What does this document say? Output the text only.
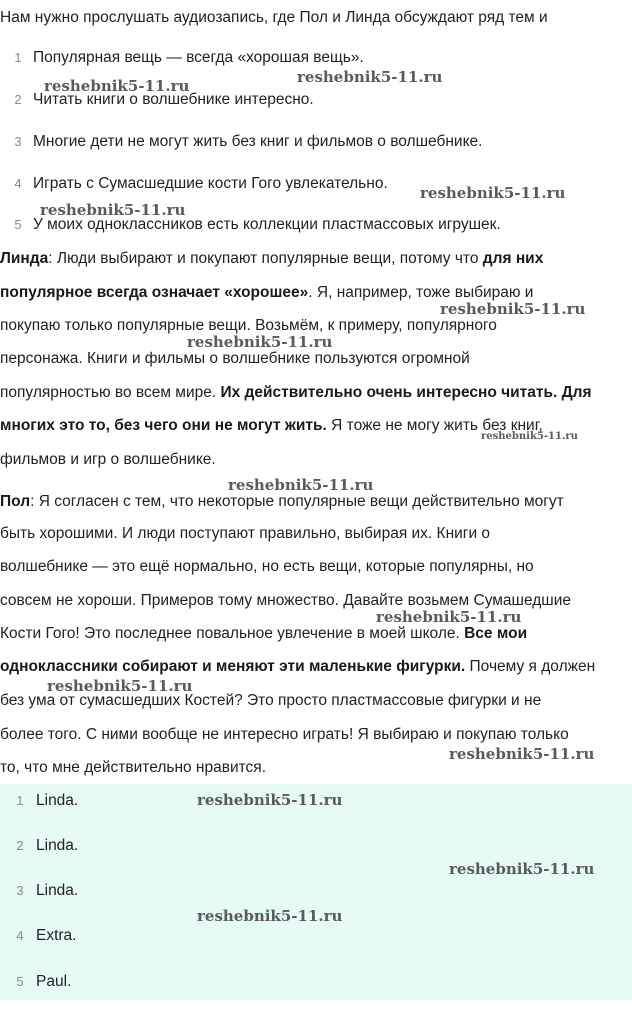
Нам нужно прослушать аудиозапись, где Пол и Линда обсуждают ряд тем и
1 Популярная вещь — всегда «хорошая вещь».
2 Читать книги о волшебнике интересно.
3 Многие дети не могут жить без книг и фильмов о волшебнике.
4 Играть с Сумасшедшие кости Гого увлекательно.
5 У моих одноклассников есть коллекции пластмассовых игрушек.
Линда: Люди выбирают и покупают популярные вещи, потому что для них
популярное всегда означает «хорошее». Я, например, тоже выбираю и
покупаю только популярные вещи. Возьмём, к примеру, популярного
персонажа. Книги и фильмы о волшебнике пользуются огромной
популярностью во всем мире. Их действительно очень интересно читать. Для
многих это то, без чего они не могут жить. Я тоже не могу жить без книг,
фильмов и игр о волшебнике.
Пол: Я согласен с тем, что некоторые популярные вещи действительно могут
быть хорошими. И люди поступают правильно, выбирая их. Книги о
волшебнике — это ещё нормально, но есть вещи, которые популярны, но
совсем не хороши. Примеров тому множество. Давайте возьмем Сумашедшие
Кости Гого! Это последнее повальное увлечение в моей школе. Все мои
одноклассники собирают и меняют эти маленькие фигурки. Почему я должен
без ума от сумасшедших Костей? Это просто пластмассовые фигурки и не
более того. С ними вообще не интересно играть! Я выбираю и покупаю только
то, что мне действительно нравится.
1 Linda.
2 Linda.
3 Linda.
4 Extra.
5 Paul.
reshebnik5-11.ru
reshebnik5-11.ru
reshebnik5-11.ru
reshebnik5-11.ru
reshebnik5-11.ru
reshebnik5-11.ru
reshebnik5-11.ru
reshebnik5-11.ru
reshebnik5-11.ru
reshebnik5-11.ru
reshebnik5-11.ru
reshebnik5-11.ru
reshebnik5-11.ru
reshebnik5-11.ru
